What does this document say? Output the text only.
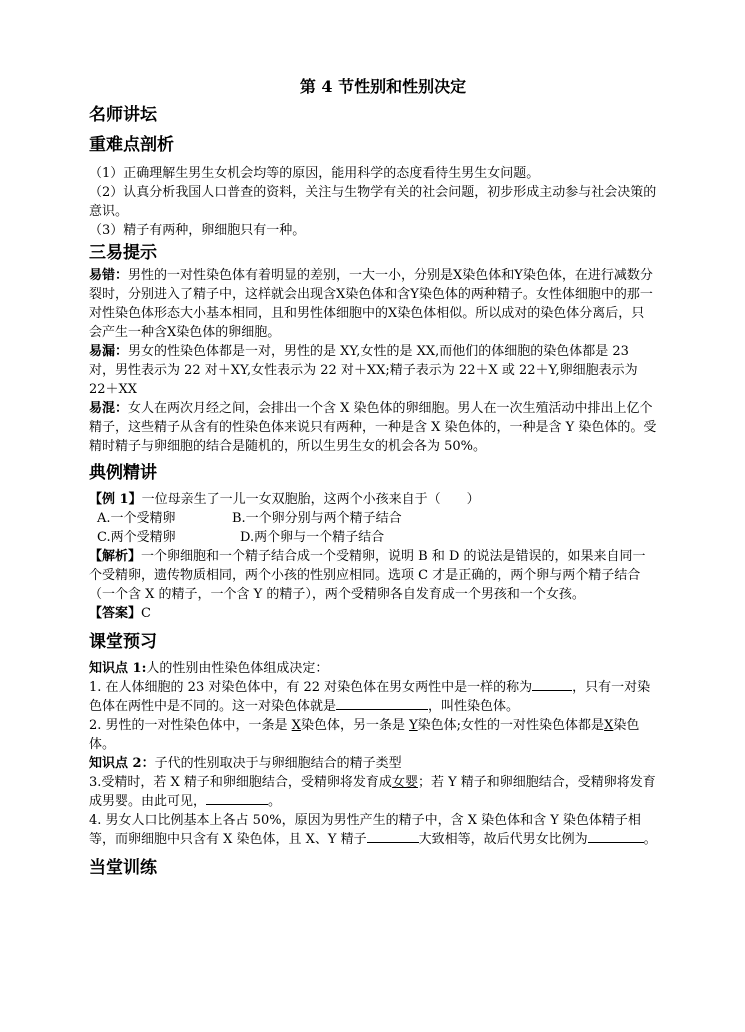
第 4 节性别和性别决定
名师讲坛
重难点剖析

（1）正确理解生男生女机会均等的原因，能用科学的态度看待生男生女问题。

（2）认真分析我国人口普查的资料，关注与生物学有关的社会问题，初步形成主动参与社会决策的意识。

（3）精子有两种，卵细胞只有一种。

三易提示

易错：男性的一对性染色体有着明显的差别，一大一小，分别是X染色体和Y染色体，在进行减数分裂时，分别进入了精子中，这样就会出现含X染色体和含Y染色体的两种精子。女性体细胞中的那一对性染色体形态大小基本相同，且和男性体细胞中的X染色体相似。所以成对的染色体分离后，只会产生一种含X染色体的卵细胞。

易漏：男女的性染色体都是一对，男性的是 XY,女性的是 XX,而他们的体细胞的染色体都是 23 对，男性表示为 22 对＋XY,女性表示为 22 对＋XX;精子表示为 22＋X 或 22＋Y,卵细胞表示为 22＋XX

易混：女人在两次月经之间，会排出一个含 X 染色体的卵细胞。男人在一次生殖活动中排出上亿个精子，这些精子从含有的性染色体来说只有两种，一种是含 X 染色体的，一种是含 Y 染色体的。受精时精子与卵细胞的结合是随机的，所以生男生女的机会各为 50%。

典例精讲

【例 1】一位母亲生了一儿一女双胞胎，这两个小孩来自于（　　）

A.一个受精卵	B.一个卵分别与两个精子结合

C.两个受精卵	D.两个卵与一个精子结合

【解析】一个卵细胞和一个精子结合成一个受精卵，说明 B 和 D 的说法是错误的，如果来自同一个受精卵，遗传物质相同，两个小孩的性别应相同。选项 C 才是正确的，两个卵与两个精子结合（一个含 X 的精子，一个含 Y 的精子），两个受精卵各自发育成一个男孩和一个女孩。

【答案】C

课堂预习

知识点 1:人的性别由性染色体组成决定：

1. 在人体细胞的 23 对染色体中，有 22 对染色体在男女两性中是一样的称为	，只有一对染色体在两性中是不同的。这一对染色体就是	，叫性染色体。

2. 男性的一对性染色体中，一条是 X染色体，另一条是 Y染色体;女性的一对性染色体都是X染色体。

知识点 2：子代的性别取决于与卵细胞结合的精子类型

3.受精时，若 X 精子和卵细胞结合，受精卵将发育成女婴；若 Y 精子和卵细胞结合，受精卵将发育成男婴。由此可见，	。

4. 男女人口比例基本上各占 50%，原因为男性产生的精子中，含 X 染色体和含 Y 染色体精子相等，而卵细胞中只含有 X 染色体，且 X、Y 精子	大致相等，故后代男女比例为	。

当堂训练
